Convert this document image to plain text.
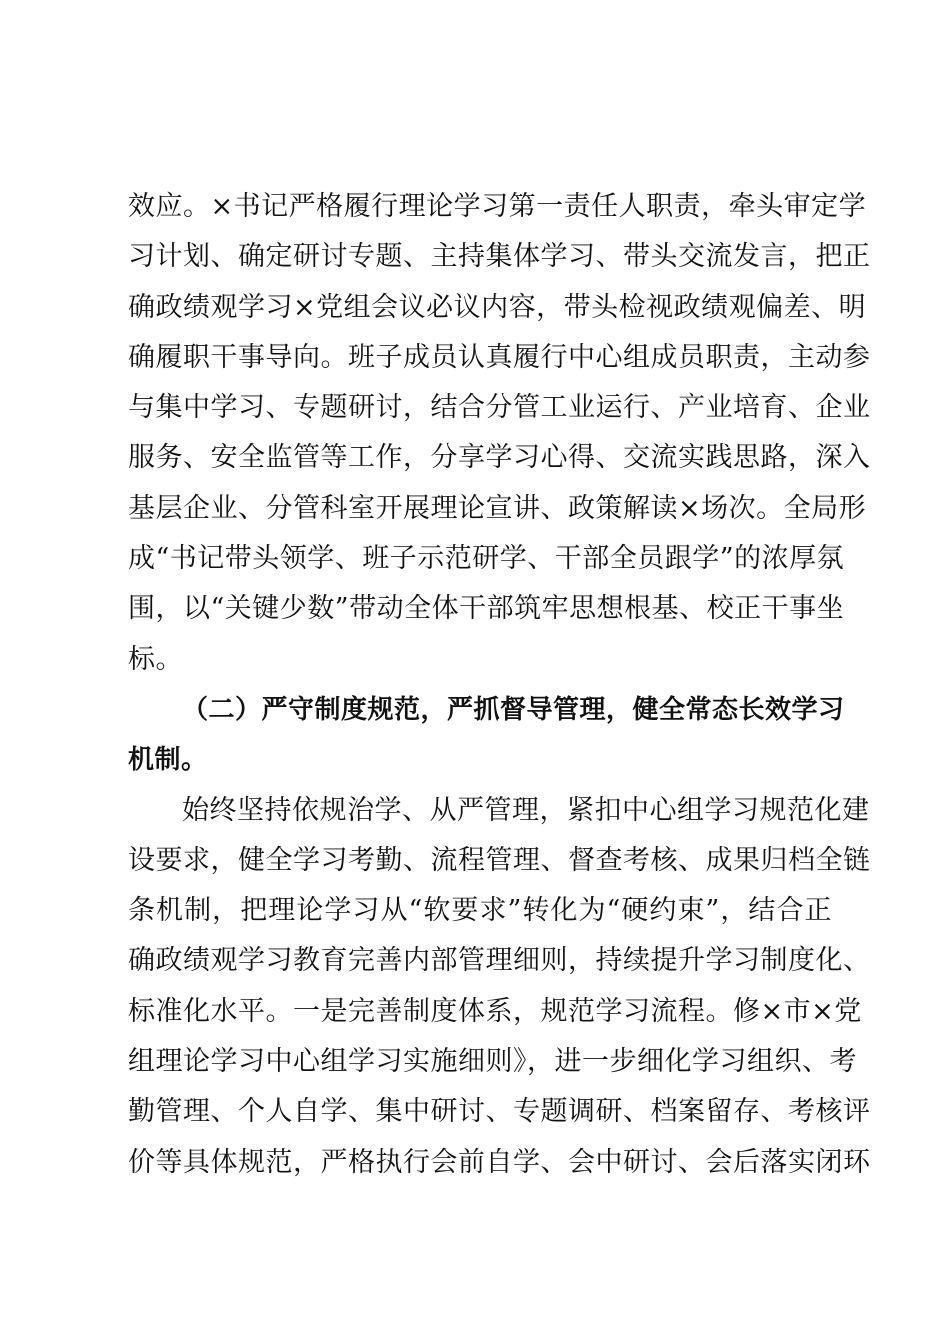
效应。×书记严格履行理论学习第一责任人职责，牵头审定学
习计划、确定研讨专题、主持集体学习、带头交流发言，把正
确政绩观学习×党组会议必议内容，带头检视政绩观偏差、明
确履职干事导向。班子成员认真履行中心组成员职责，主动参
与集中学习、专题研讨，结合分管工业运行、产业培育、企业
服务、安全监管等工作，分享学习心得、交流实践思路，深入
基层企业、分管科室开展理论宣讲、政策解读×场次。全局形
成“书记带头领学、班子示范研学、干部全员跟学”的浓厚氛
围，以“关键少数”带动全体干部筑牢思想根基、校正干事坐
标。
（二）严守制度规范，严抓督导管理，健全常态长效学习
机制。
始终坚持依规治学、从严管理，紧扣中心组学习规范化建
设要求，健全学习考勤、流程管理、督查考核、成果归档全链
条机制，把理论学习从“软要求”转化为“硬约束”，结合正
确政绩观学习教育完善内部管理细则，持续提升学习制度化、
标准化水平。一是完善制度体系，规范学习流程。修×市×党
组理论学习中心组学习实施细则》，进一步细化学习组织、考
勤管理、个人自学、集中研讨、专题调研、档案留存、考核评
价等具体规范，严格执行会前自学、会中研讨、会后落实闭环
